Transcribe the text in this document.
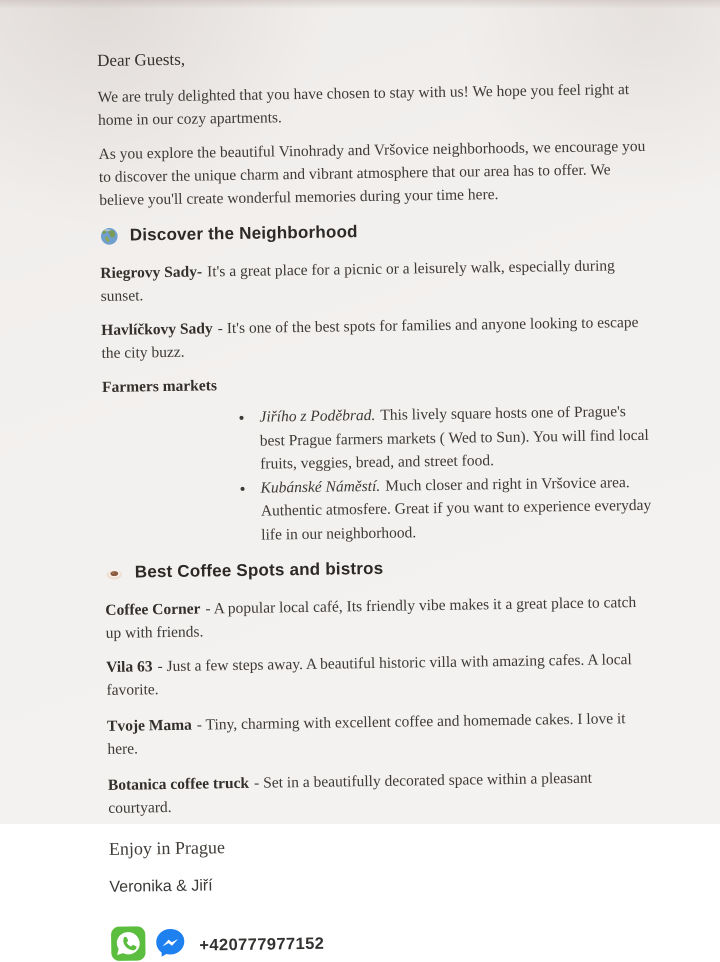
Dear Guests,

We are truly delighted that you have chosen to stay with us! We hope you feel right at home in our cozy apartments.

As you explore the beautiful Vinohrady and Vršovice neighborhoods, we encourage you to discover the unique charm and vibrant atmosphere that our area has to offer. We believe you'll create wonderful memories during your time here.

Discover the Neighborhood

Riegrovy Sady- It's a great place for a picnic or a leisurely walk, especially during sunset.

Havlíčkovy Sady - It's one of the best spots for families and anyone looking to escape the city buzz.

Farmers markets

• Jiřího z Poděbrad. This lively square hosts one of Prague's best Prague farmers markets ( Wed to Sun). You will find local fruits, veggies, bread, and street food.
• Kubánské Náměstí. Much closer and right in Vršovice area. Authentic atmosfere. Great if you want to experience everyday life in our neighborhood.
Best Coffee Spots and bistros

Coffee Corner - A popular local café, Its friendly vibe makes it a great place to catch up with friends.

Vila 63 - Just a few steps away. A beautiful historic villa with amazing cafes. A local favorite.

Tvoje Mama - Tiny, charming with excellent coffee and homemade cakes. I love it here.

Botanica coffee truck - Set in a beautifully decorated space within a pleasant courtyard.

Enjoy in Prague

Veronika & Jiří

+420777977152
